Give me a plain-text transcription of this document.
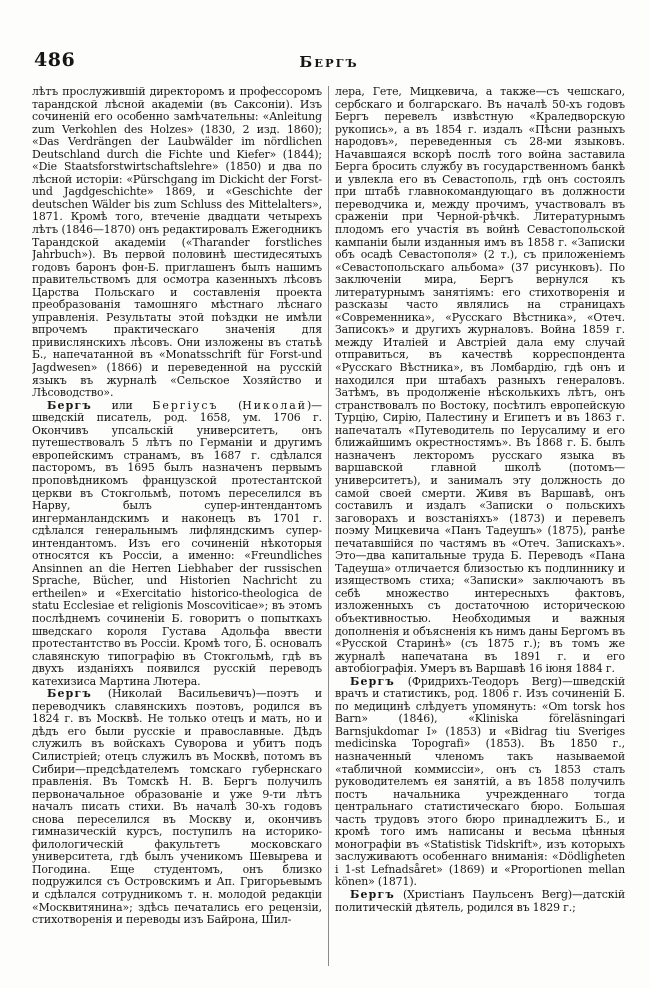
486	БЕРГЪ

лѣтъ прослужившій директоромъ и профессоромъ тарандской лѣсной академіи (въ Саксоніи). Изъ сочиненій его особенно замѣчательны: «Anleitung zum Verkohlen des Holzes» (1830, 2 изд. 1860); «Das Verdrängen der Laubwälder im nördlichen Deutschland durch die Fichte und Kiefer» (1844); «Die Staatsforstwirtschaftslehre» (1850) и два по лѣсной исторіи: «Pürschgang im Dickicht der Forst-und Jagdgeschichte» 1869, и «Geschichte der deutschen Wälder bis zum Schluss des Mittelalters», 1871. Кромѣ того, втеченіе двадцати четырехъ лѣтъ (1846—1870) онъ редактировалъ Ежегодникъ Тарандской академіи («Tharander forstliches Jahrbuch»). Въ первой половинѣ шестидесятыхъ годовъ баронъ фон-Б. приглашенъ былъ нашимъ правительствомъ для осмотра казенныхъ лѣсовъ Царства Польскаго и составленія проекта преобразованія тамошняго мѣстнаго лѣснаго управленія. Результаты этой поѣздки не имѣли впрочемъ практическаго значенія для привислянскихъ лѣсовъ. Они изложены въ статьѣ Б., напечатанной въ «Monatsschrift für Forst-und Jagdwesen» (1866) и переведенной на русскій языкъ въ журналѣ «Сельское Хозяйство и Лѣсоводство».

Бергъ или Бергіусъ (Николай)—шведскій писатель, род. 1658, ум. 1706 г. Окончивъ упсальскій университетъ, онъ путешествовалъ 5 лѣтъ по Германіи и другимъ европейскимъ странамъ, въ 1687 г. сдѣлался пасторомъ, въ 1695 былъ назначенъ первымъ проповѣдникомъ французской протестантской церкви въ Стокгольмѣ, потомъ переселился въ Нарву, былъ супер-интендантомъ ингерманландскимъ и наконецъ въ 1701 г. сдѣлался генеральнымъ лифляндскимъ супер-интендантомъ. Изъ его сочиненій нѣкоторыя относятся къ Россіи, а именно: «Freundliches Ansinnen an die Herren Liebhaber der russischen Sprache, Bücher, und Historien Nachricht zu ertheilen» и «Exercitatio historico-theologica de statu Ecclesiae et religionis Moscoviticae»; въ этомъ послѣднемъ сочиненіи Б. говоритъ о попыткахъ шведскаго короля Густава Адольфа ввести протестантство въ Россіи. Кромѣ того, Б. основалъ славянскую типографію въ Стокгольмѣ, гдѣ въ двухъ изданіяхъ появился русскій переводъ катехизиса Мартина Лютера.

Бергъ (Николай Васильевичъ)—поэтъ и переводчикъ славянскихъ поэтовъ, родился въ 1824 г. въ Москвѣ. Не только отецъ и мать, но и дѣдъ его были русскіе и православные. Дѣдъ служилъ въ войскахъ Суворова и убитъ подъ Силистріей; отецъ служилъ въ Москвѣ, потомъ въ Сибири—предсѣдателемъ томскаго губернскаго правленія. Въ Томскѣ Н. В. Бергъ получилъ первоначальное образованіе и уже 9-ти лѣтъ началъ писать стихи. Въ началѣ 30-хъ годовъ снова переселился въ Москву и, окончивъ гимназическій курсъ, поступилъ на историко-филологическій факультетъ московскаго университета, гдѣ былъ ученикомъ Шевырева и Погодина. Еще студентомъ, онъ близко подружился съ Островскимъ и Ап. Григорьевымъ и сдѣлался сотрудникомъ т. н. молодой редакціи «Москвитянина»; здѣсь печатались его рецензіи, стихотворенія и переводы изъ Байрона, Шил-

лера, Гете, Мицкевича, а также—съ чешскаго, сербскаго и болгарскаго. Въ началѣ 50-хъ годовъ Бергъ перевелъ извѣстную «Краледворскую рукопись», а въ 1854 г. издалъ «Пѣсни разныхъ народовъ», переведенныя съ 28-ми языковъ. Начавшаяся вскорѣ послѣ того война заставила Берга бросить службу въ государственномъ банкѣ и увлекла его въ Севастополь, гдѣ онъ состоялъ при штабѣ главнокомандующаго въ должности переводчика и, между прочимъ, участвовалъ въ сраженіи при Черной-рѣчкѣ. Литературнымъ плодомъ его участія въ войнѣ Севастопольской кампаніи были изданныя имъ въ 1858 г. «Записки объ осадѣ Севастополя» (2 т.), съ приложеніемъ «Севастопольскаго альбома» (37 рисунковъ). По заключеніи мира, Бергъ вернулся къ литературнымъ занятіямъ: его стихотворенія и разсказы часто являлись на страницахъ «Современника», «Русскаго Вѣстника», «Отеч. Записокъ» и другихъ журналовъ. Война 1859 г. между Италіей и Австріей дала ему случай отправиться, въ качествѣ корреспондента «Русскаго Вѣстника», въ Ломбардію, гдѣ онъ и находился при штабахъ разныхъ генераловъ. Затѣмъ, въ продолженіе нѣсколькихъ лѣтъ, онъ странствовалъ по Востоку, посѣтилъ европейскую Турцію, Сирію, Палестину и Египетъ и въ 1863 г. напечаталъ «Путеводитель по Іерусалиму и его ближайшимъ окрестностямъ». Въ 1868 г. Б. былъ назначенъ лекторомъ русскаго языка въ варшавской главной школѣ (потомъ—университетъ), и занималъ эту должность до самой своей смерти. Живя въ Варшавѣ, онъ составилъ и издалъ «Записки о польскихъ заговорахъ и возстаніяхъ» (1873) и перевелъ поэму Мицкевича «Панъ Тадеушъ» (1875), ранѣе печатавшійся по частямъ въ «Отеч. Запискахъ». Это—два капитальные труда Б. Переводъ «Пана Тадеуша» отличается близостью къ подлиннику и изяществомъ стиха; «Записки» заключаютъ въ себѣ множество интересныхъ фактовъ, изложенныхъ съ достаточною историческою объективностью. Необходимыя и важныя дополненія и объясненія къ нимъ даны Бергомъ въ «Русской Старинѣ» (съ 1875 г.); въ томъ же журналѣ напечатана въ 1891 г. и его автобіографія. Умеръ въ Варшавѣ 16 іюня 1884 г.

Бергъ (Фридрихъ-Теодоръ Berg)—шведскій врачъ и статистикъ, род. 1806 г. Изъ сочиненій Б. по медицинѣ слѣдуетъ упомянуть: «Om torsk hos Barn» (1846), «Kliniska föreläsningari Barnsjukdomar I» (1853) и «Bidrag tiu Sveriges medicinska Topografi» (1853). Въ 1850 г., назначенный членомъ такъ называемой «табличной коммиссіи», онъ съ 1853 сталъ руководителемъ ея занятій, а въ 1858 получилъ постъ начальника учрежденнаго тогда центральнаго статистическаго бюро. Большая часть трудовъ этого бюро принадлежитъ Б., и кромѣ того имъ написаны и весьма цѣнныя монографіи въ «Statistisk Tidskrift», изъ которыхъ заслуживаютъ особеннаго вниманія: «Dödligheten i 1-st Lefnadsåret» (1869) и «Proportionen mellan könen» (1871).

Бергъ (Христіанъ Паульсенъ Berg)—датскій политическій дѣятель, родился въ 1829 г.;
